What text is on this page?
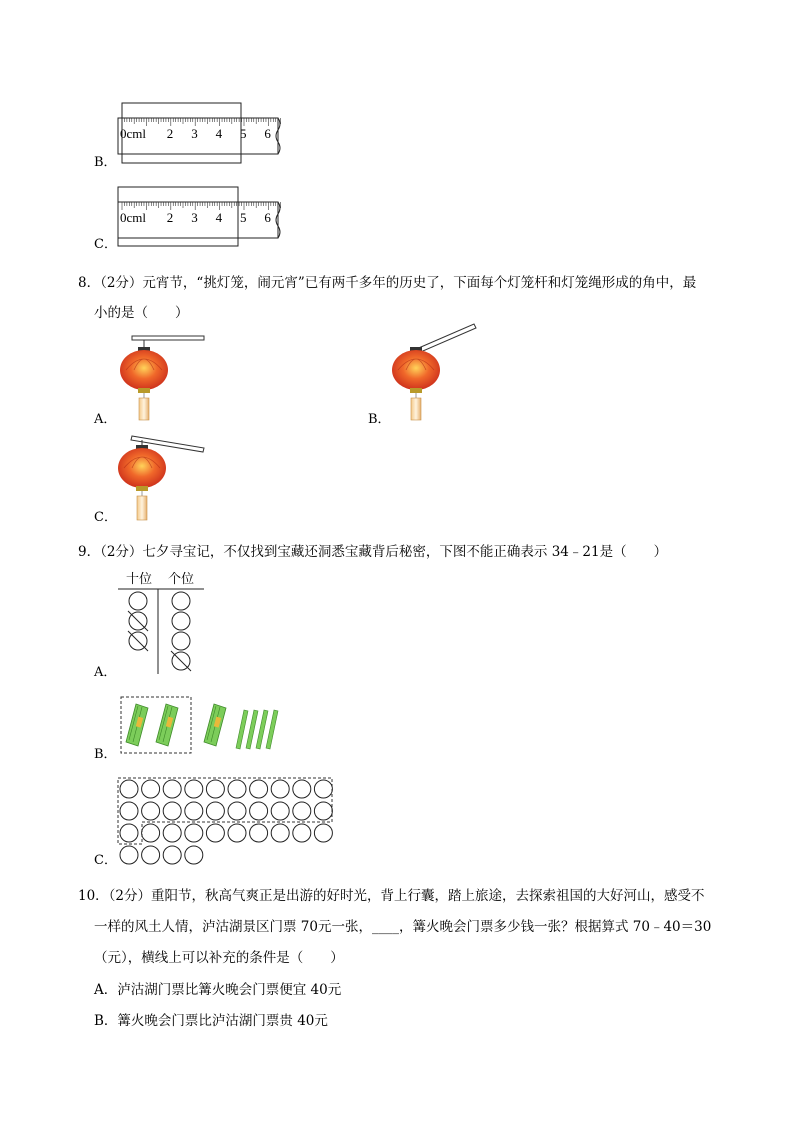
0cml 2 3 4 5 6
B．
0cml 2 3 4 5 6
C．
8．（2分）元宵节，“挑灯笼，闹元宵”已有两千多年的历史了，下面每个灯笼杆和灯笼绳形成的角中，最
小的是（　　）
A．	B．
C．
9．（2分）七夕寻宝记，不仅找到宝藏还洞悉宝藏背后秘密，下图不能正确表示 34﹣21是（　　）
十位 个位
A．
B．
C．
10．（2分）重阳节，秋高气爽正是出游的好时光，背上行囊，踏上旅途，去探索祖国的大好河山，感受不
一样的风土人情，泸沽湖景区门票 70元一张，____，篝火晚会门票多少钱一张？根据算式 70﹣40＝30
（元），横线上可以补充的条件是（　　）
A．泸沽湖门票比篝火晚会门票便宜 40元
B．篝火晚会门票比泸沽湖门票贵 40元
